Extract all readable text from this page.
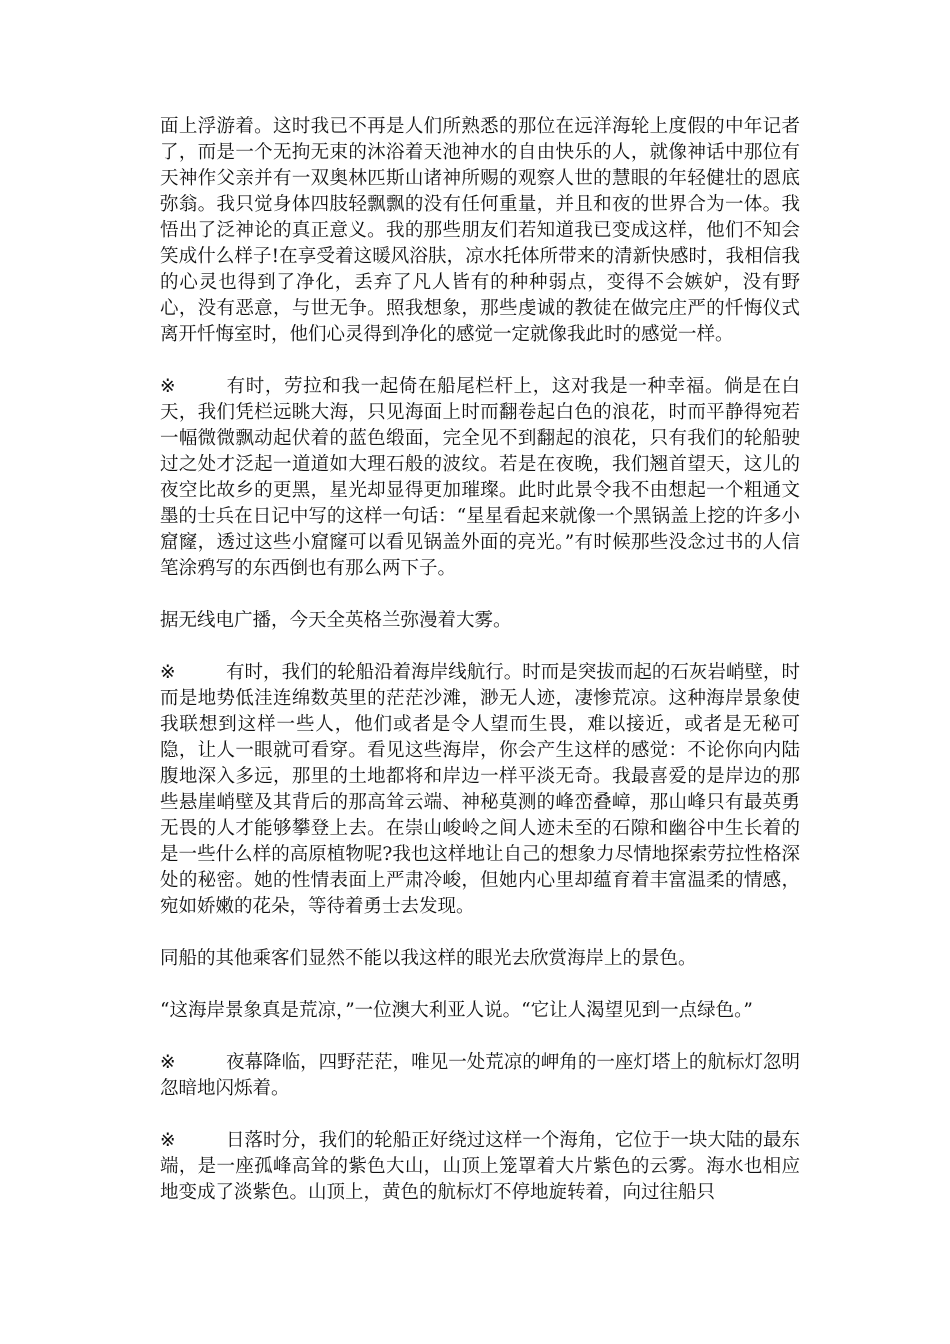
面上浮游着。这时我已不再是人们所熟悉的那位在远洋海轮上度假的中年记者了，而是一个无拘无束的沐浴着天池神水的自由快乐的人，就像神话中那位有天神作父亲并有一双奥林匹斯山诸神所赐的观察人世的慧眼的年轻健壮的恩底弥翁。我只觉身体四肢轻飘飘的没有任何重量，并且和夜的世界合为一体。我悟出了泛神论的真正意义。我的那些朋友们若知道我已变成这样，他们不知会笑成什么样子!在享受着这暖风浴肤，凉水托体所带来的清新快感时，我相信我的心灵也得到了净化，丢弃了凡人皆有的种种弱点，变得不会嫉妒，没有野心，没有恶意，与世无争。照我想象，那些虔诚的教徒在做完庄严的忏悔仪式离开忏悔室时，他们心灵得到净化的感觉一定就像我此时的感觉一样。

※	有时，劳拉和我一起倚在船尾栏杆上，这对我是一种幸福。倘是在白天，我们凭栏远眺大海，只见海面上时而翻卷起白色的浪花，时而平静得宛若一幅微微飘动起伏着的蓝色缎面，完全见不到翻起的浪花，只有我们的轮船驶过之处才泛起一道道如大理石般的波纹。若是在夜晚，我们翘首望天，这儿的夜空比故乡的更黑，星光却显得更加璀璨。此时此景令我不由想起一个粗通文墨的士兵在日记中写的这样一句话：“星星看起来就像一个黑锅盖上挖的许多小窟窿，透过这些小窟窿可以看见锅盖外面的亮光。”有时候那些没念过书的人信笔涂鸦写的东西倒也有那么两下子。

据无线电广播，今天全英格兰弥漫着大雾。

※	有时，我们的轮船沿着海岸线航行。时而是突拔而起的石灰岩峭壁，时而是地势低洼连绵数英里的茫茫沙滩，渺无人迹，凄惨荒凉。这种海岸景象使我联想到这样一些人，他们或者是令人望而生畏，难以接近，或者是无秘可隐，让人一眼就可看穿。看见这些海岸，你会产生这样的感觉：不论你向内陆腹地深入多远，那里的土地都将和岸边一样平淡无奇。我最喜爱的是岸边的那些悬崖峭壁及其背后的那高耸云端、神秘莫测的峰峦叠嶂，那山峰只有最英勇无畏的人才能够攀登上去。在崇山峻岭之间人迹未至的石隙和幽谷中生长着的是一些什么样的高原植物呢?我也这样地让自己的想象力尽情地探索劳拉性格深处的秘密。她的性情表面上严肃冷峻，但她内心里却蕴育着丰富温柔的情感，宛如娇嫩的花朵，等待着勇士去发现。

同船的其他乘客们显然不能以我这样的眼光去欣赏海岸上的景色。

“这海岸景象真是荒凉，”一位澳大利亚人说。“它让人渴望见到一点绿色。”

※	夜幕降临，四野茫茫，唯见一处荒凉的岬角的一座灯塔上的航标灯忽明忽暗地闪烁着。

※	日落时分，我们的轮船正好绕过这样一个海角，它位于一块大陆的最东端，是一座孤峰高耸的紫色大山，山顶上笼罩着大片紫色的云雾。海水也相应地变成了淡紫色。山顶上，黄色的航标灯不停地旋转着，向过往船只
